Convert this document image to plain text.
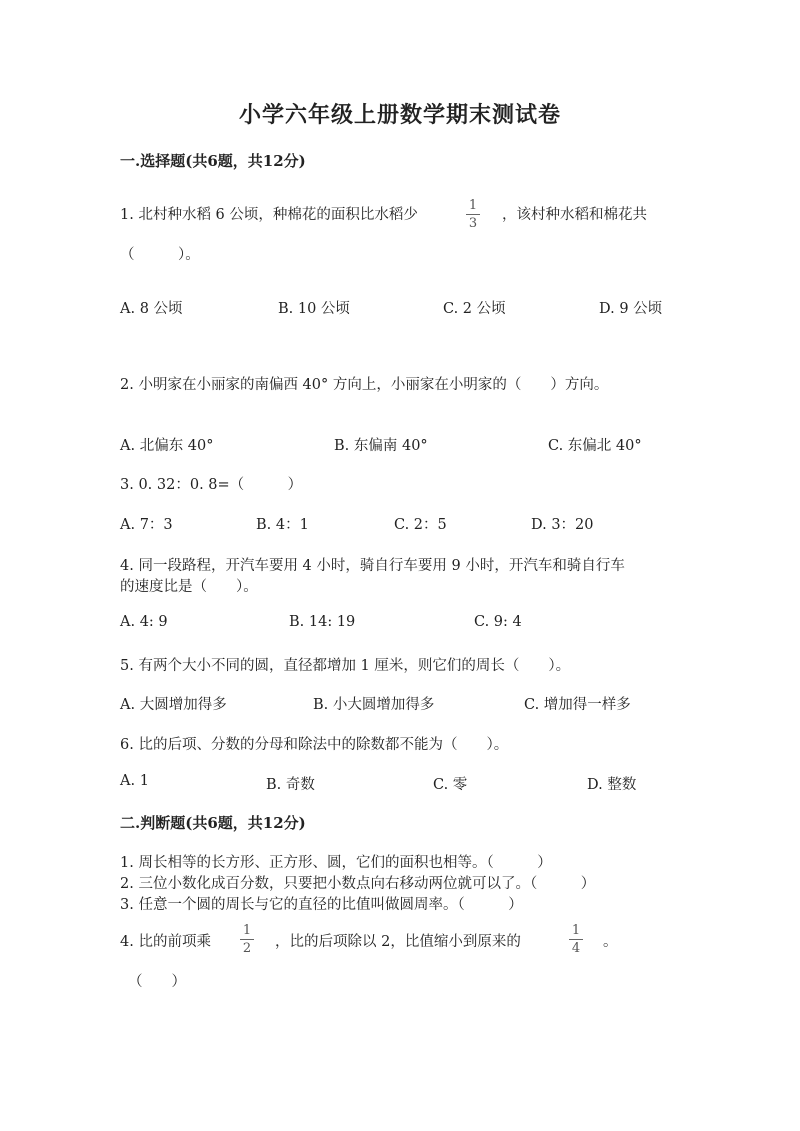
小学六年级上册数学期末测试卷
一.选择题(共6题，共12分)
1. 北村种水稻 6 公顷，种棉花的面积比水稻少
1
3
，该村种水稻和棉花共
（　　　）。
A. 8 公顷	B. 10 公顷	C. 2 公顷	D. 9 公顷
2. 小明家在小丽家的南偏西 40° 方向上，小丽家在小明家的（　　）方向。
A. 北偏东 40°	B. 东偏南 40°	C. 东偏北 40°
3. 0. 32：0. 8=（　　　）
A. 7：3	B. 4：1	C. 2：5	D. 3：20
4. 同一段路程，开汽车要用 4 小时，骑自行车要用 9 小时，开汽车和骑自行车
的速度比是（　　）。
A. 4: 9	B. 14: 19	C. 9: 4
5. 有两个大小不同的圆，直径都增加 1 厘米，则它们的周长（　　）。
A. 大圆增加得多	B. 小大圆增加得多	C. 增加得一样多
6. 比的后项、分数的分母和除法中的除数都不能为（　　）。
A. 1	B. 奇数	C. 零	D. 整数
二.判断题(共6题，共12分)
1. 周长相等的长方形、正方形、圆，它们的面积也相等。（　　　）
2. 三位小数化成百分数，只要把小数点向右移动两位就可以了。（　　　）
3. 任意一个圆的周长与它的直径的比值叫做圆周率。（　　　）
4. 比的前项乘
1
2 ，比的后项除以 2，比值缩小到原来的
1
4 。
（　　）
